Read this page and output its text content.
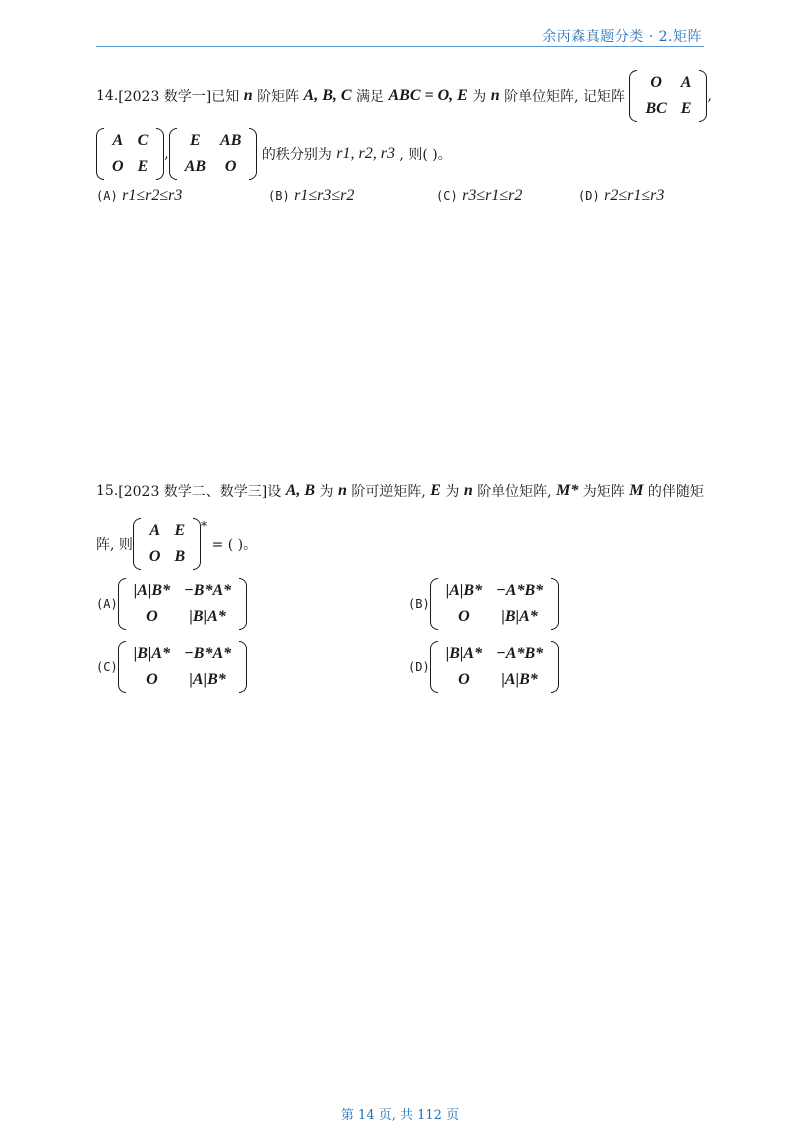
余丙森真题分类 · 2.矩阵
14.[2023 数学一]已知 n 阶矩阵 A, B, C 满足 ABC = O, E 为 n 阶单位矩阵, 记矩阵
O	A
BC	E
,
A	C
O	E
,
E	AB
AB	O
的秩分别为 r1, r2, r3 , 则( )。
(A) r1≤r2≤r3	(B) r1≤r3≤r2	(C) r3≤r1≤r2	(D) r2≤r1≤r3
15.[2023 数学二、数学三]设 A, B 为 n 阶可逆矩阵, E 为 n 阶单位矩阵, M* 为矩阵 M 的伴随矩
阵, 则
A	E
O	B
* = ( )。
(A)
|A|B*	−B*A*
O	|B|A*
(B)
|A|B*	−A*B*
O	|B|A*
(C)
|B|A*	−B*A*
O	|A|B*
(D)
|B|A*	−A*B*
O	|A|B*
第 14 页, 共 112 页
